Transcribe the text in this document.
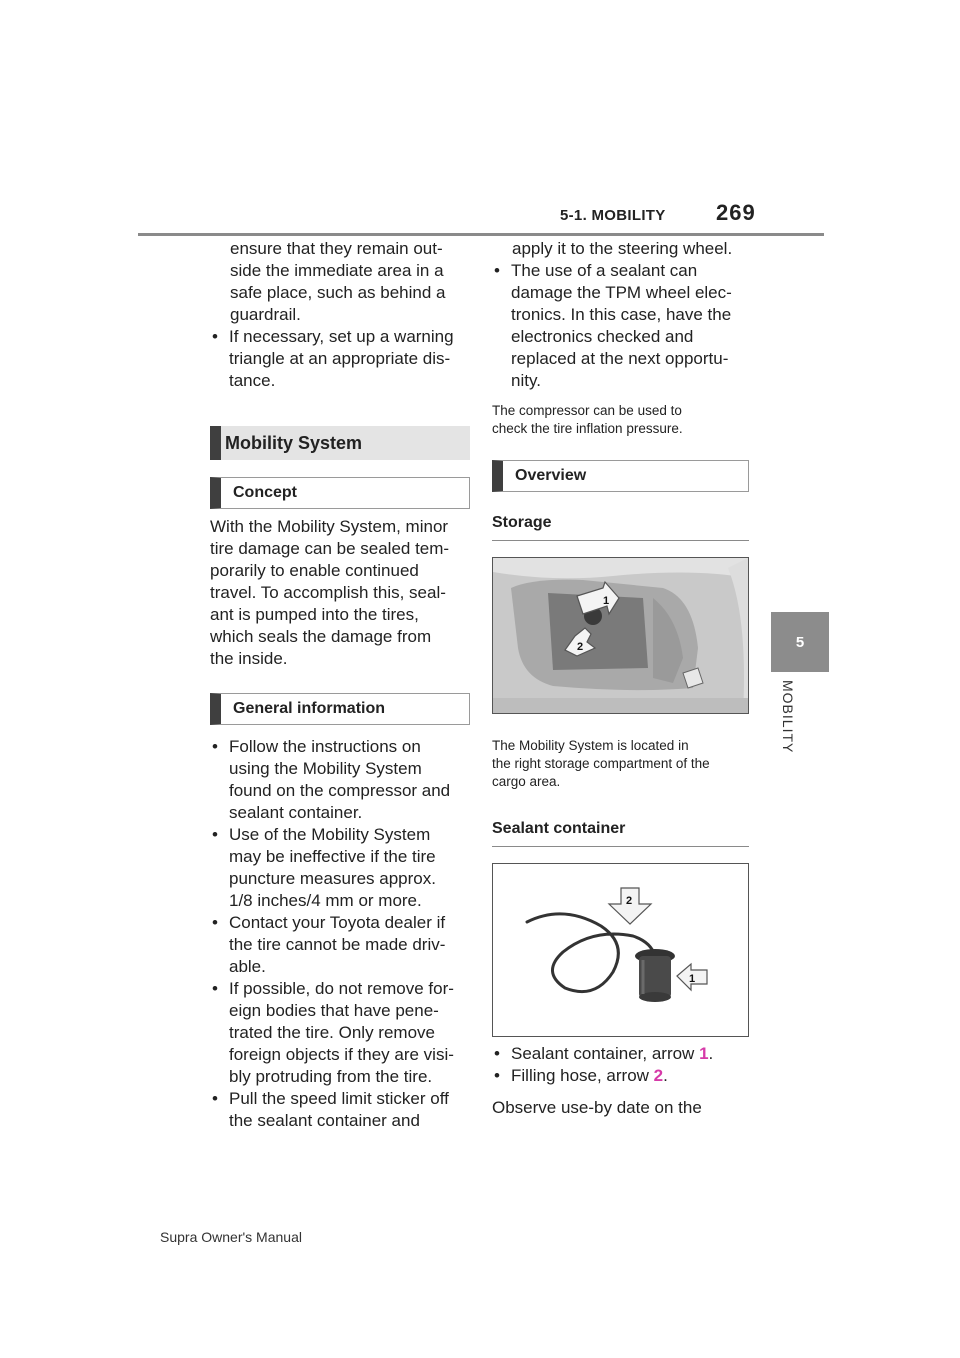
5-1. MOBILITY 269
5
MOBILITY
ensure that they remain out-
side the immediate area in a
safe place, such as behind a
guardrail.
• If necessary, set up a warning
triangle at an appropriate dis-
tance.
Mobility System
Concept
With the Mobility System, minor
tire damage can be sealed tem-
porarily to enable continued
travel. To accomplish this, seal-
ant is pumped into the tires,
which seals the damage from
the inside.
General information
• Follow the instructions on
using the Mobility System
found on the compressor and
sealant container.
• Use of the Mobility System
may be ineffective if the tire
puncture measures approx.
1/8 inches/4 mm or more.
• Contact your Toyota dealer if
the tire cannot be made driv-
able.
• If possible, do not remove for-
eign bodies that have pene-
trated the tire. Only remove
foreign objects if they are visi-
bly protruding from the tire.
• Pull the speed limit sticker off
the sealant container and
apply it to the steering wheel.
• The use of a sealant can
damage the TPM wheel elec-
tronics. In this case, have the
electronics checked and
replaced at the next opportu-
nity.
The compressor can be used to
check the tire inflation pressure.
Overview
Storage
1
2
The Mobility System is located in
the right storage compartment of the
cargo area.
Sealant container
2
1
• Sealant container, arrow 1.
• Filling hose, arrow 2.
Observe use-by date on the
Supra Owner's Manual
